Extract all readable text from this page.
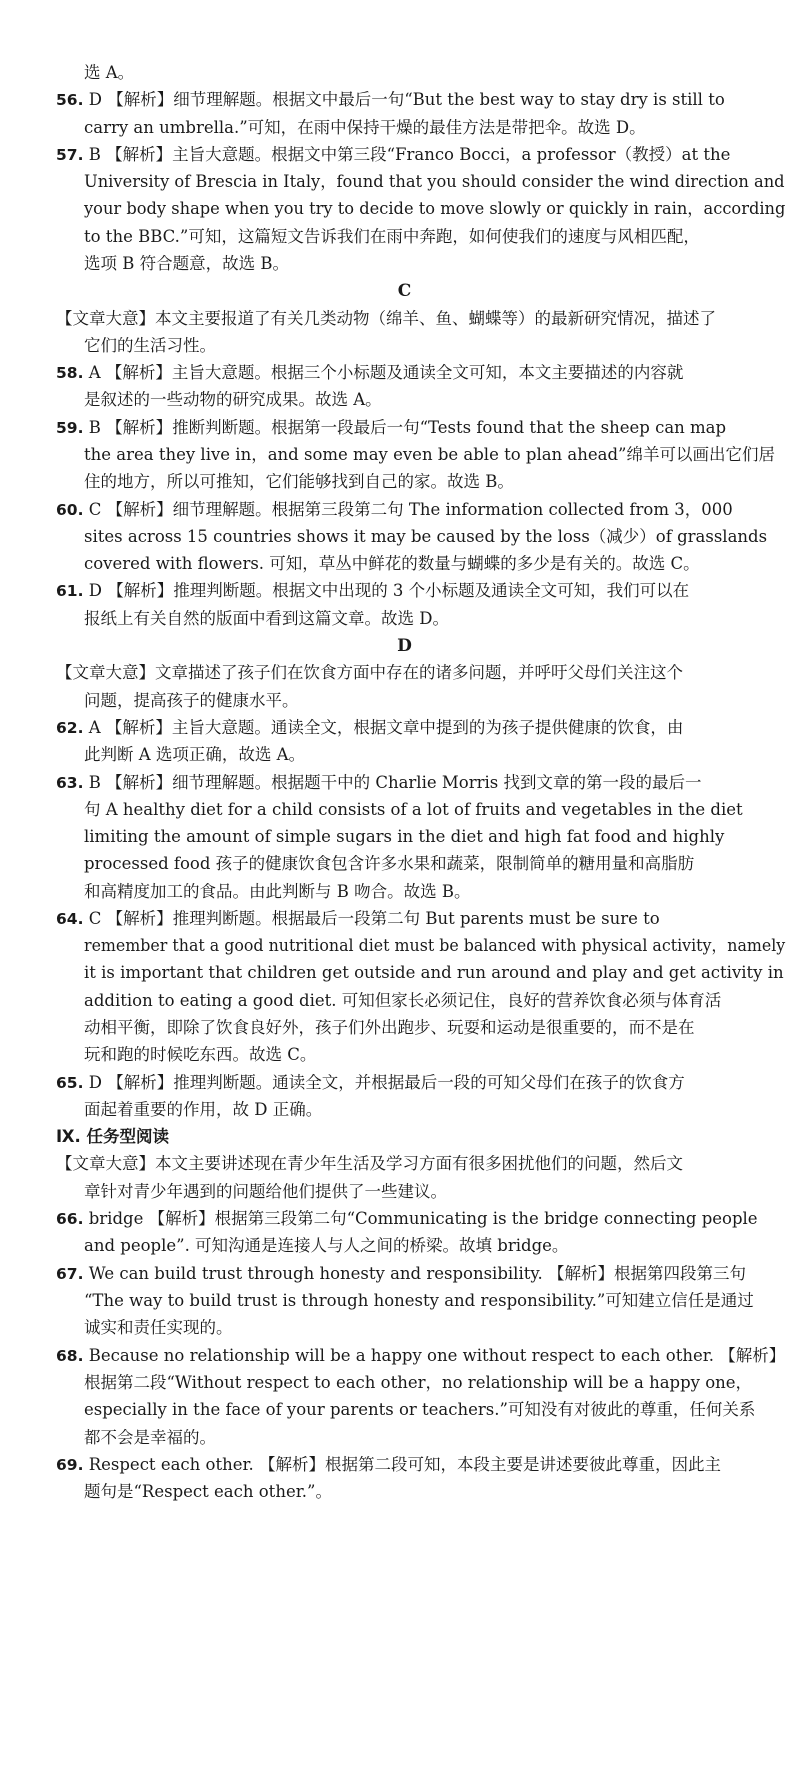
选 A。
56. D 【解析】细节理解题。根据文中最后一句“But the best way to stay dry is still to
carry an umbrella.”可知，在雨中保持干燥的最佳方法是带把伞。故选 D。
57. B 【解析】主旨大意题。根据文中第三段“Franco Bocci，a professor（教授）at the
University of Brescia in Italy，found that you should consider the wind direction and
your body shape when you try to decide to move slowly or quickly in rain，according
to the BBC.”可知，这篇短文告诉我们在雨中奔跑，如何使我们的速度与风相匹配，
选项 B 符合题意，故选 B。
C
【文章大意】本文主要报道了有关几类动物（绵羊、鱼、蝴蝶等）的最新研究情况，描述了
它们的生活习性。
58. A 【解析】主旨大意题。根据三个小标题及通读全文可知，本文主要描述的内容就
是叙述的一些动物的研究成果。故选 A。
59. B 【解析】推断判断题。根据第一段最后一句“Tests found that the sheep can map
the area they live in，and some may even be able to plan ahead”绵羊可以画出它们居
住的地方，所以可推知，它们能够找到自己的家。故选 B。
60. C 【解析】细节理解题。根据第三段第二句 The information collected from 3，000
sites across 15 countries shows it may be caused by the loss（减少）of grasslands
covered with flowers. 可知，草丛中鲜花的数量与蝴蝶的多少是有关的。故选 C。
61. D 【解析】推理判断题。根据文中出现的 3 个小标题及通读全文可知，我们可以在
报纸上有关自然的版面中看到这篇文章。故选 D。
D
【文章大意】文章描述了孩子们在饮食方面中存在的诸多问题，并呼吁父母们关注这个
问题，提高孩子的健康水平。
62. A 【解析】主旨大意题。通读全文，根据文章中提到的为孩子提供健康的饮食，由
此判断 A 选项正确，故选 A。
63. B 【解析】细节理解题。根据题干中的 Charlie Morris 找到文章的第一段的最后一
句 A healthy diet for a child consists of a lot of fruits and vegetables in the diet
limiting the amount of simple sugars in the diet and high fat food and highly
processed food 孩子的健康饮食包含许多水果和蔬菜，限制简单的糖用量和高脂肪
和高精度加工的食品。由此判断与 B 吻合。故选 B。
64. C 【解析】推理判断题。根据最后一段第二句 But parents must be sure to
remember that a good nutritional diet must be balanced with physical activity，namely
it is important that children get outside and run around and play and get activity in
addition to eating a good diet. 可知但家长必须记住，良好的营养饮食必须与体育活
动相平衡，即除了饮食良好外，孩子们外出跑步、玩耍和运动是很重要的，而不是在
玩和跑的时候吃东西。故选 C。
65. D 【解析】推理判断题。通读全文，并根据最后一段的可知父母们在孩子的饮食方
面起着重要的作用，故 D 正确。
Ⅸ. 任务型阅读
【文章大意】本文主要讲述现在青少年生活及学习方面有很多困扰他们的问题，然后文
章针对青少年遇到的问题给他们提供了一些建议。
66. bridge 【解析】根据第三段第二句“Communicating is the bridge connecting people
and people”. 可知沟通是连接人与人之间的桥梁。故填 bridge。
67. We can build trust through honesty and responsibility. 【解析】根据第四段第三句
“The way to build trust is through honesty and responsibility.”可知建立信任是通过
诚实和责任实现的。
68. Because no relationship will be a happy one without respect to each other. 【解析】
根据第二段“Without respect to each other，no relationship will be a happy one，
especially in the face of your parents or teachers.”可知没有对彼此的尊重，任何关系
都不会是幸福的。
69. Respect each other. 【解析】根据第二段可知，本段主要是讲述要彼此尊重，因此主
题句是“Respect each other.”。
